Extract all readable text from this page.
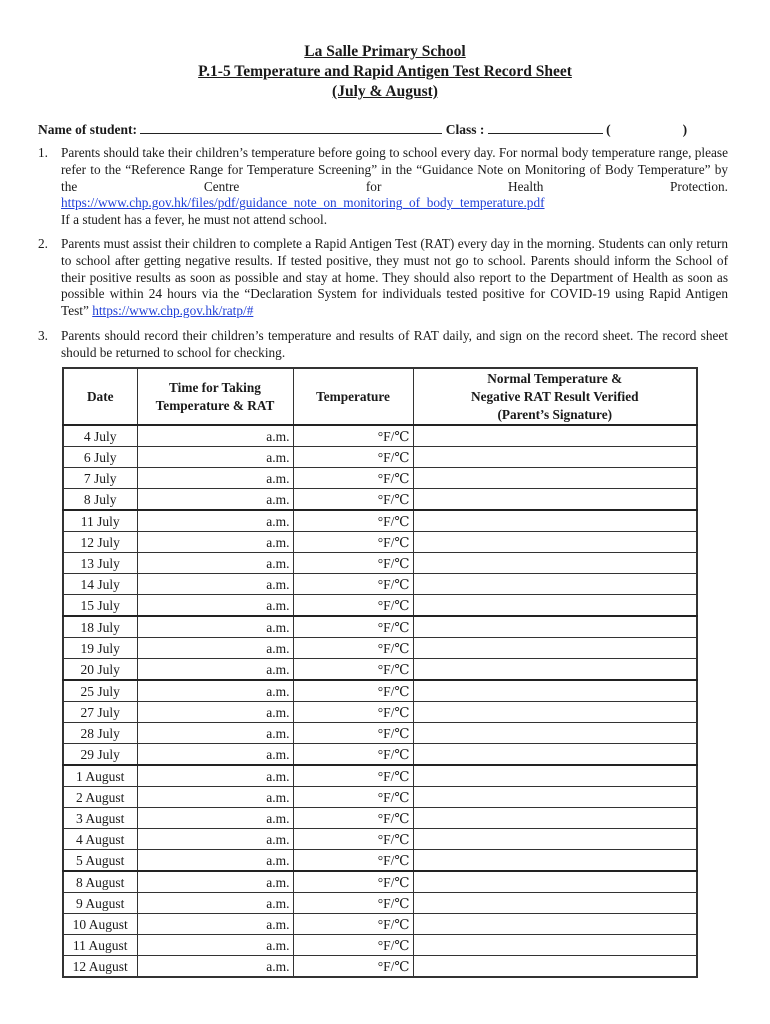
La Salle Primary School
P.1-5 Temperature and Rapid Antigen Test Record Sheet
(July & August)
Name of student:	Class :	(	)
1. Parents should take their children’s temperature before going to school every day. For normal body temperature range, please refer to the “Reference Range for Temperature Screening” in the “Guidance Note on Monitoring of Body Temperature” by the Centre for Health Protection.
https://www.chp.gov.hk/files/pdf/guidance_note_on_monitoring_of_body_temperature.pdf
If a student has a fever, he must not attend school.
2. Parents must assist their children to complete a Rapid Antigen Test (RAT) every day in the morning. Students can only return to school after getting negative results. If tested positive, they must not go to school. Parents should inform the School of their positive results as soon as possible and stay at home. They should also report to the Department of Health as soon as possible within 24 hours via the “Declaration System for individuals tested positive for COVID-19 using Rapid Antigen Test” https://www.chp.gov.hk/ratp/#
3. Parents should record their children’s temperature and results of RAT daily, and sign on the record sheet. The record sheet should be returned to school for checking.
Date	Time for Taking
Temperature & RAT	Temperature	Normal Temperature &
Negative RAT Result Verified
(Parent’s Signature)
4 July	a.m.	°F/℃	
6 July	a.m.	°F/℃	
7 July	a.m.	°F/℃	
8 July	a.m.	°F/℃	
11 July	a.m.	°F/℃	
12 July	a.m.	°F/℃	
13 July	a.m.	°F/℃	
14 July	a.m.	°F/℃	
15 July	a.m.	°F/℃	
18 July	a.m.	°F/℃	
19 July	a.m.	°F/℃	
20 July	a.m.	°F/℃	
25 July	a.m.	°F/℃	
27 July	a.m.	°F/℃	
28 July	a.m.	°F/℃	
29 July	a.m.	°F/℃	
1 August	a.m.	°F/℃	
2 August	a.m.	°F/℃	
3 August	a.m.	°F/℃	
4 August	a.m.	°F/℃	
5 August	a.m.	°F/℃	
8 August	a.m.	°F/℃	
9 August	a.m.	°F/℃	
10 August	a.m.	°F/℃	
11 August	a.m.	°F/℃	
12 August	a.m.	°F/℃	
